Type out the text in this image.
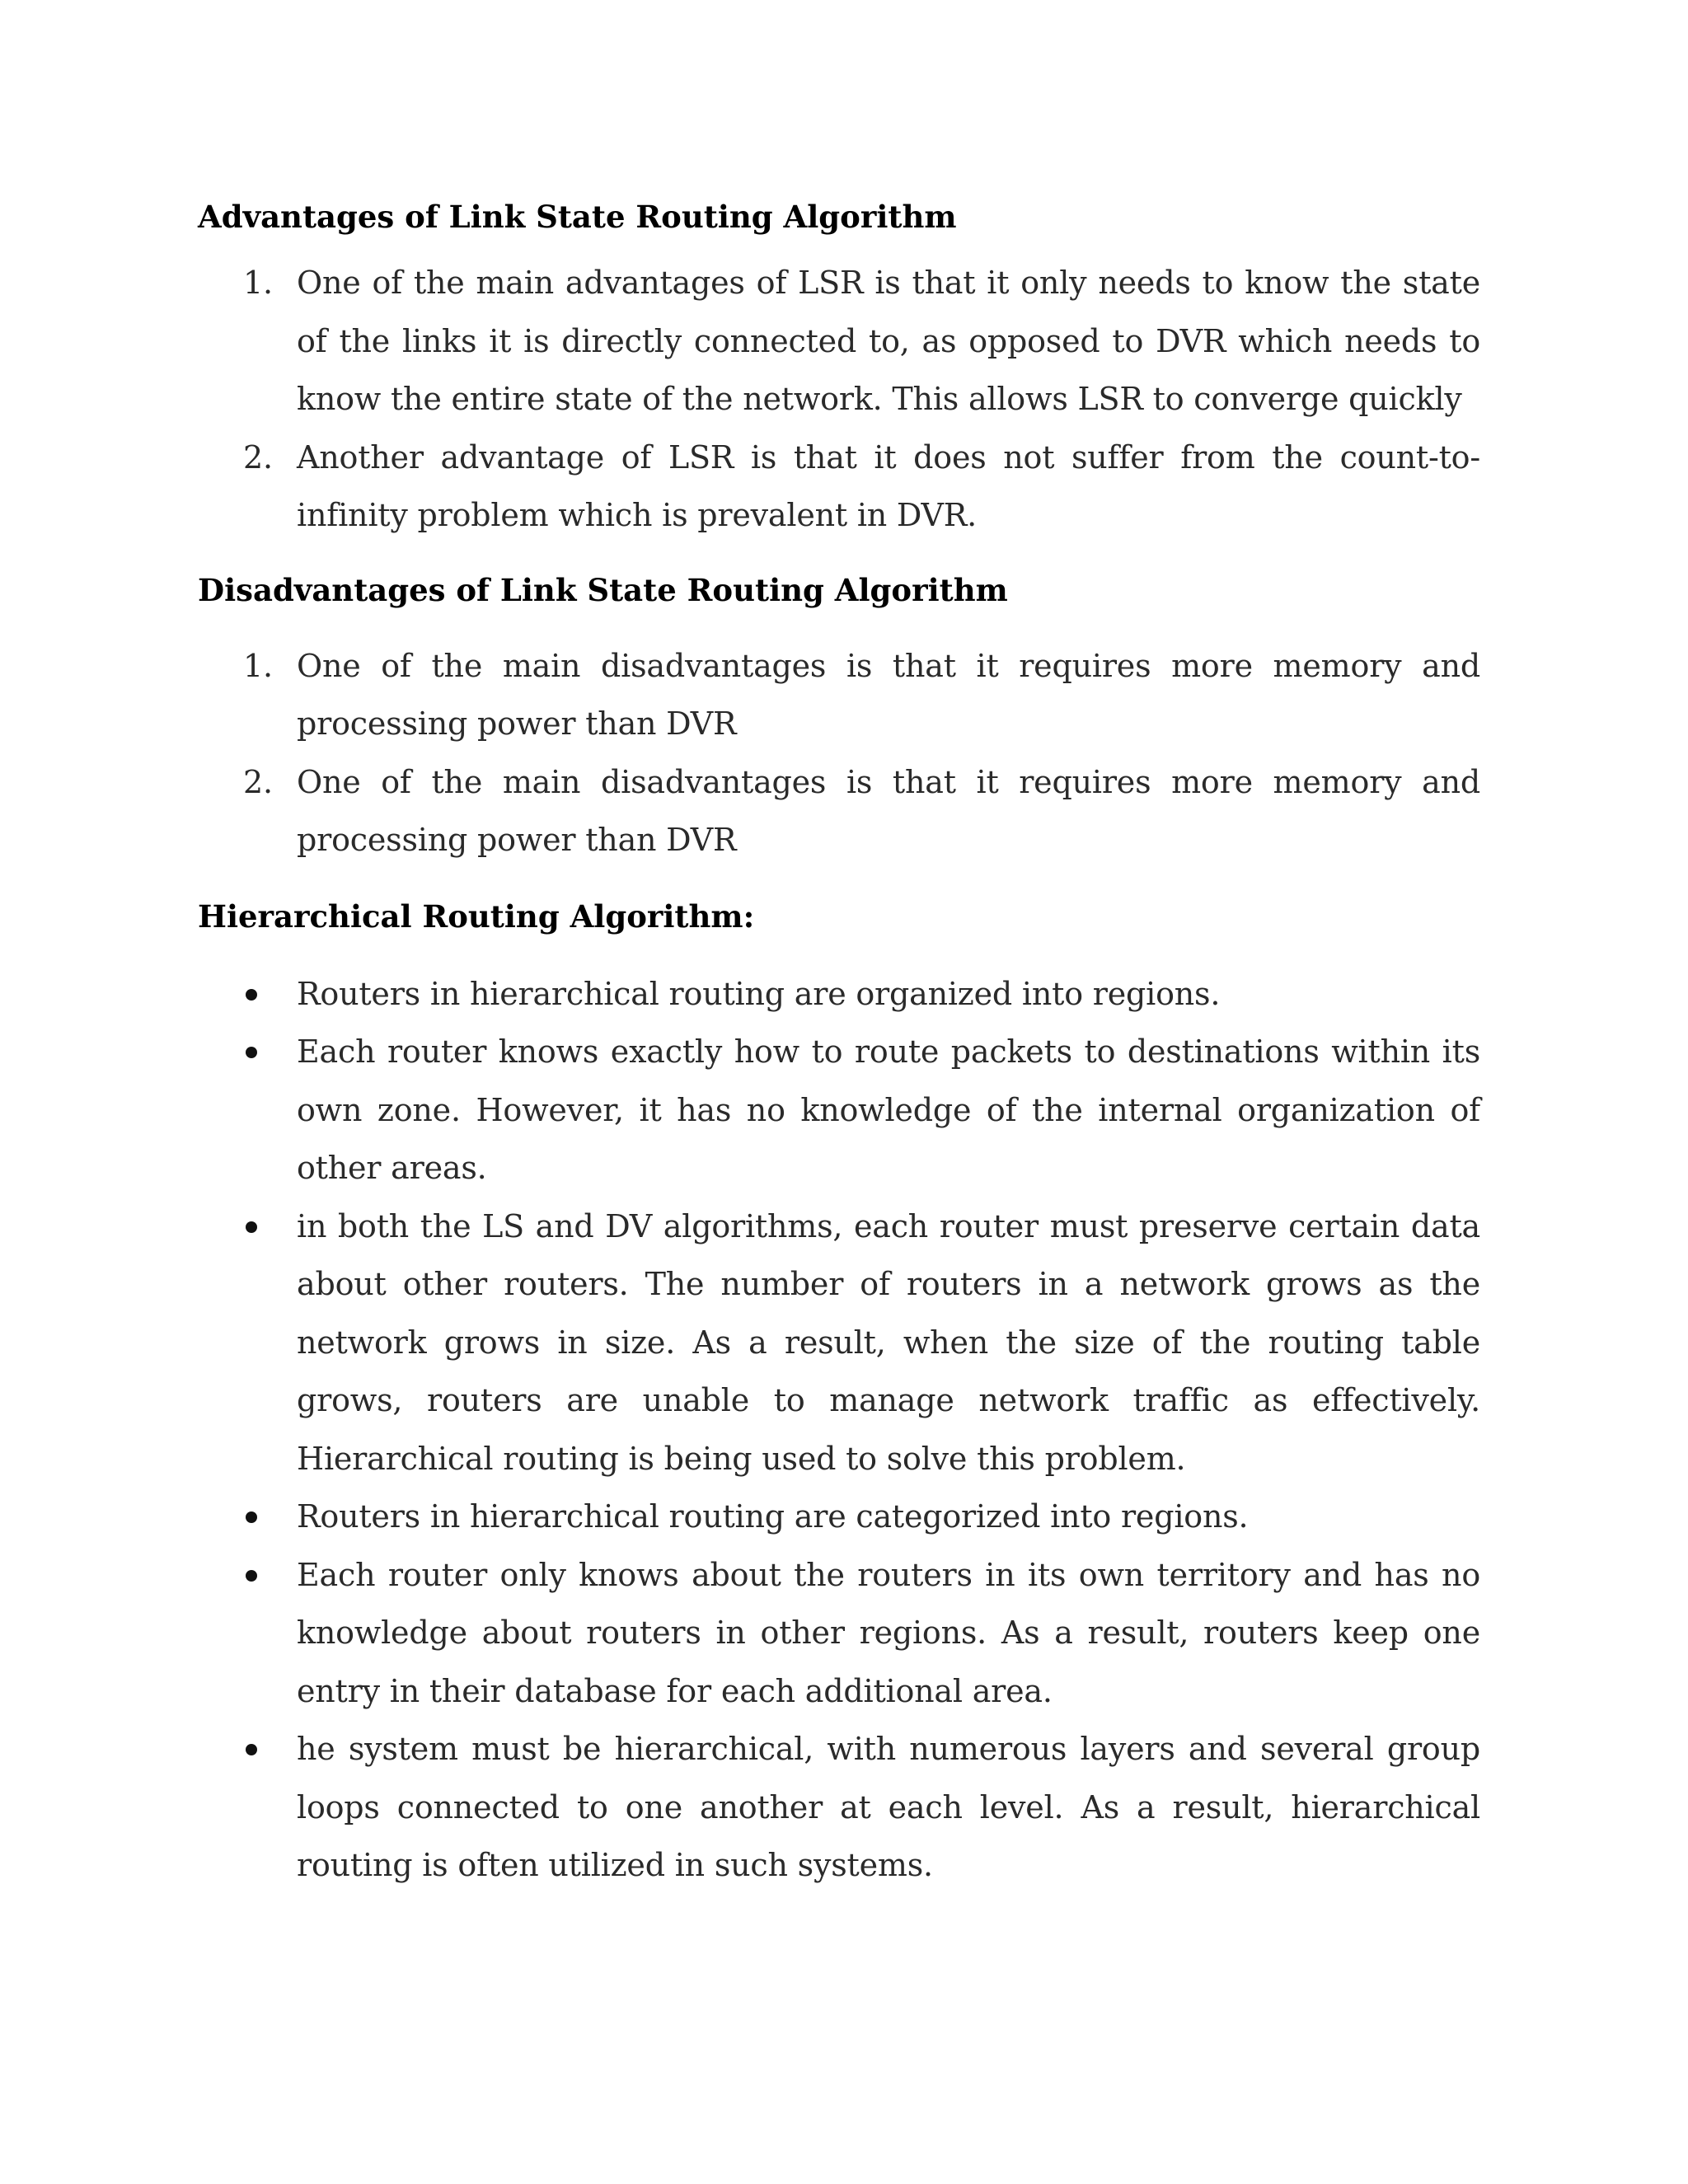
Advantages of Link State Routing Algorithm
1. One of the main advantages of LSR is that it only needs to know the state of the links it is directly connected to, as opposed to DVR which needs to know the entire state of the network. This allows LSR to converge quickly
2. Another advantage of LSR is that it does not suffer from the count-to-infinity problem which is prevalent in DVR.
Disadvantages of Link State Routing Algorithm
1. One of the main disadvantages is that it requires more memory and processing power than DVR
2. One of the main disadvantages is that it requires more memory and processing power than DVR
Hierarchical Routing Algorithm:
Routers in hierarchical routing are organized into regions.
Each router knows exactly how to route packets to destinations within its own zone. However, it has no knowledge of the internal organization of other areas.
in both the LS and DV algorithms, each router must preserve certain data about other routers. The number of routers in a network grows as the network grows in size. As a result, when the size of the routing table grows, routers are unable to manage network traffic as effectively. Hierarchical routing is being used to solve this problem.
Routers in hierarchical routing are categorized into regions.
Each router only knows about the routers in its own territory and has no knowledge about routers in other regions. As a result, routers keep one entry in their database for each additional area.
he system must be hierarchical, with numerous layers and several group loops connected to one another at each level. As a result, hierarchical routing is often utilized in such systems.
